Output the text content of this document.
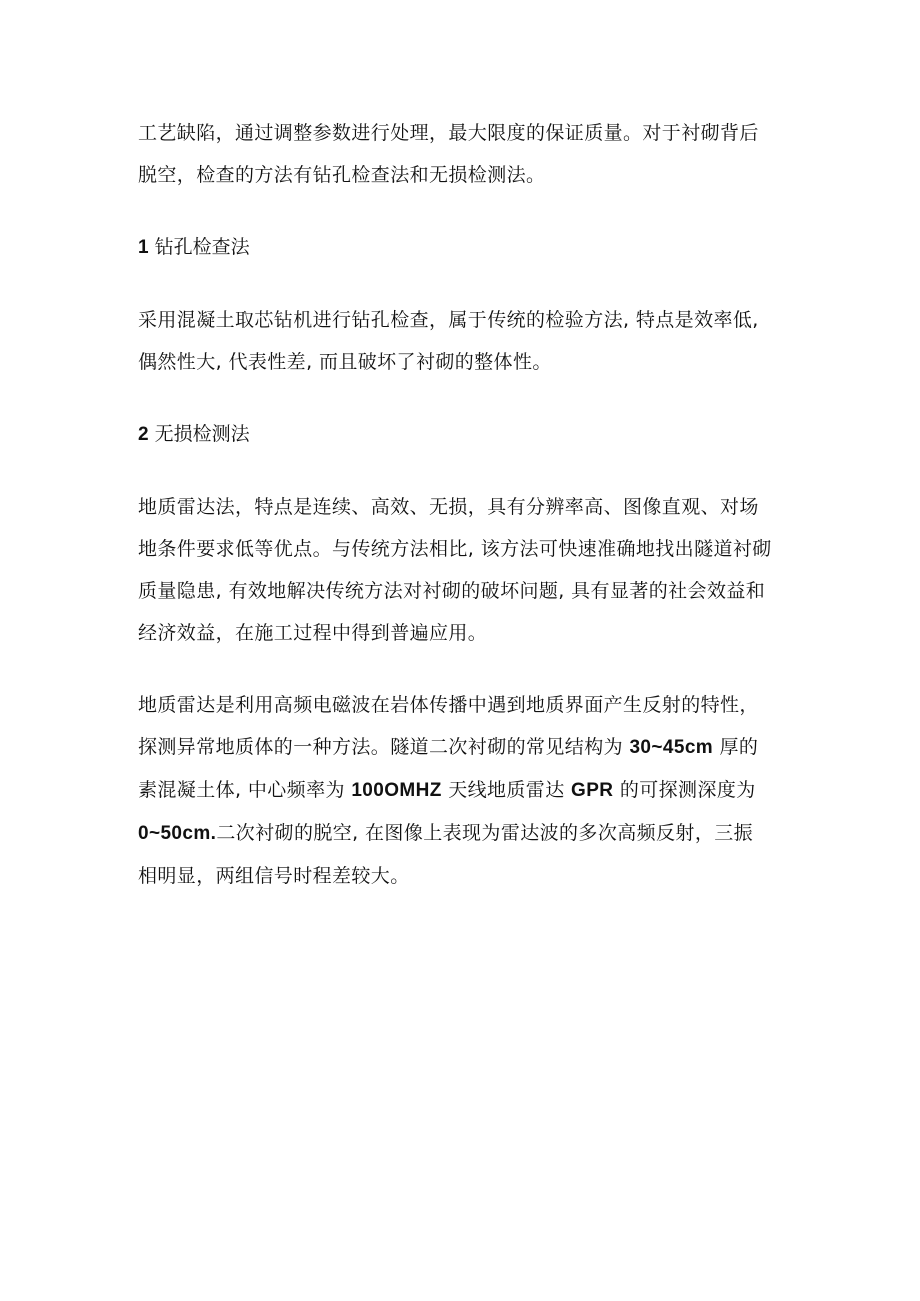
工艺缺陷，通过调整参数进行处理，最大限度的保证质量。对于衬砌背后
脱空，检查的方法有钻孔检查法和无损检测法。

1 钻孔检查法

采用混凝土取芯钻机进行钻孔检查，属于传统的检验方法, 特点是效率低,
偶然性大, 代表性差, 而且破坏了衬砌的整体性。

2 无损检测法

地质雷达法，特点是连续、高效、无损，具有分辨率高、图像直观、对场
地条件要求低等优点。与传统方法相比, 该方法可快速准确地找出隧道衬砌
质量隐患, 有效地解决传统方法对衬砌的破坏问题, 具有显著的社会效益和
经济效益，在施工过程中得到普遍应用。

地质雷达是利用高频电磁波在岩体传播中遇到地质界面产生反射的特性，
探测异常地质体的一种方法。隧道二次衬砌的常见结构为 30~45cm 厚的
素混凝土体, 中心频率为 100OMHZ 天线地质雷达 GPR 的可探测深度为
0~50cm.二次衬砌的脱空, 在图像上表现为雷达波的多次高频反射，三振
相明显，两组信号时程差较大。
